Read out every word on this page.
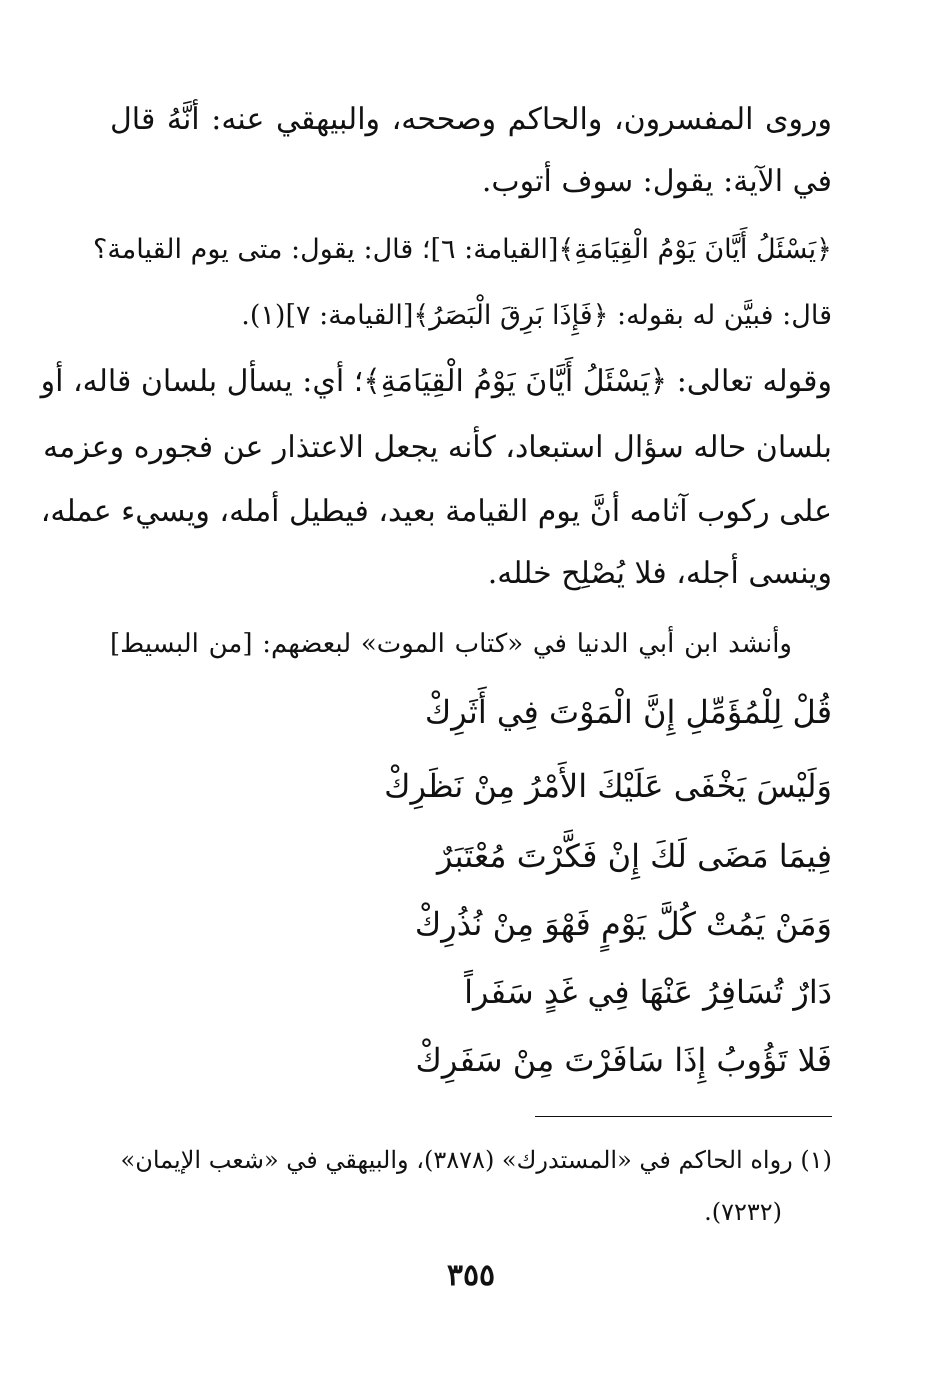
وروى المفسرون، والحاكم وصححه، والبيهقي عنه: أنَّهُ قال
في الآية: يقول: سوف أتوب.
﴿يَسْئَلُ أَيَّانَ يَوْمُ الْقِيَامَةِ﴾[القيامة: ٦]؛ قال: يقول: متى يوم القيامة؟
قال: فبيَّن له بقوله: ﴿فَإِذَا بَرِقَ الْبَصَرُ﴾[القيامة: ٧](١).
وقوله تعالى: ﴿يَسْئَلُ أَيَّانَ يَوْمُ الْقِيَامَةِ﴾؛ أي: يسأل بلسان قاله، أو
بلسان حاله سؤال استبعاد، كأنه يجعل الاعتذار عن فجوره وعزمه
على ركوب آثامه أنَّ يوم القيامة بعيد، فيطيل أمله، ويسيء عمله،
وينسى أجله، فلا يُصْلِح خلله.
وأنشد ابن أبي الدنيا في «كتاب الموت» لبعضهم: [من البسيط]
قُلْ لِلْمُؤَمِّلِ إِنَّ الْمَوْتَ فِي أَثَرِكْ
وَلَيْسَ يَخْفَى عَلَيْكَ الأَمْرُ مِنْ نَظَرِكْ
فِيمَا مَضَى لَكَ إِنْ فَكَّرْتَ مُعْتَبَرٌ
وَمَنْ يَمُتْ كُلَّ يَوْمٍ فَهْوَ مِنْ نُذُرِكْ
دَارٌ تُسَافِرُ عَنْهَا فِي غَدٍ سَفَراً
فَلا تَؤُوبُ إِذَا سَافَرْتَ مِنْ سَفَرِكْ
(١) رواه الحاكم في «المستدرك» (٣٨٧٨)، والبيهقي في «شعب الإيمان»
(٧٢٣٢).
٣٥٥
